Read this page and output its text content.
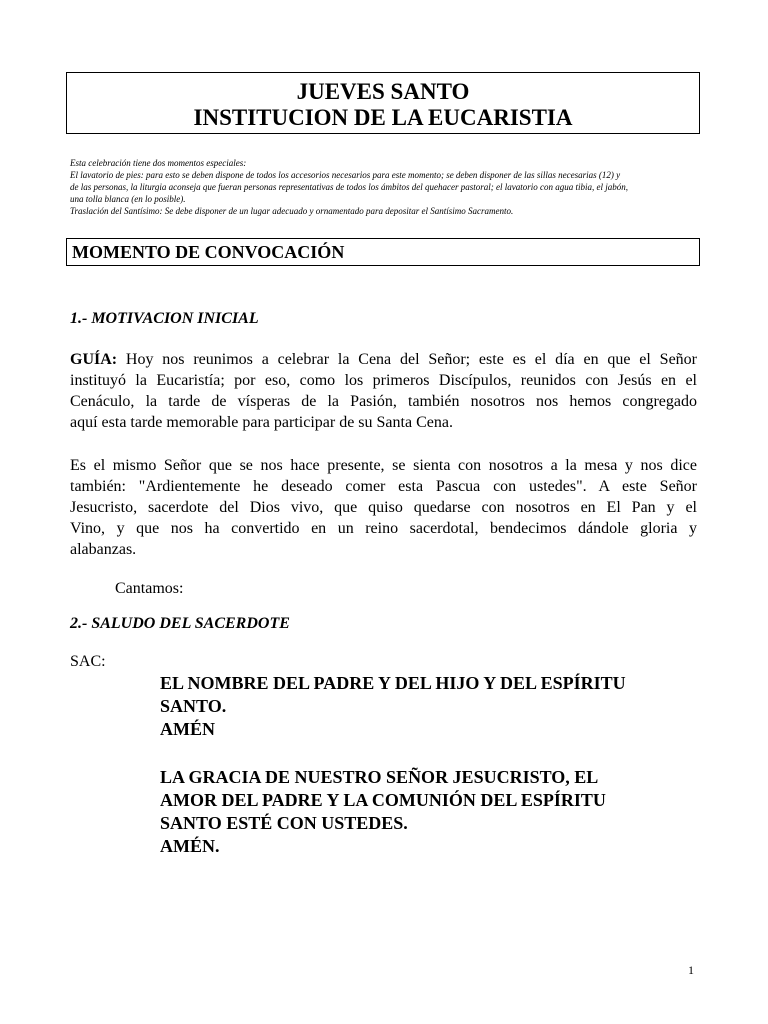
JUEVES SANTO
INSTITUCION DE LA EUCARISTIA
Esta celebración tiene dos momentos especiales:
El lavatorio de pies: para esto se deben dispone de todos los accesorios necesarios para este momento; se deben disponer de las sillas necesarias (12) y
de las personas, la liturgia aconseja que fueran personas representativas de todos los ámbitos del quehacer pastoral; el lavatorio con agua tibia, el jabón,
una tolla blanca (en lo posible).
Traslación del Santísimo: Se debe disponer de un lugar adecuado y ornamentado para depositar el Santísimo Sacramento.
MOMENTO DE CONVOCACIÓN
1.- MOTIVACION INICIAL
GUÍA: Hoy nos reunimos a celebrar la Cena del Señor; este es el día en que el Señor
instituyó la Eucaristía; por eso, como los primeros Discípulos, reunidos con Jesús en el
Cenáculo, la tarde de vísperas de la Pasión, también nosotros nos hemos congregado
aquí esta tarde memorable para participar de su Santa Cena.
Es el mismo Señor que se nos hace presente, se sienta con nosotros a la mesa y nos dice
también: "Ardientemente he deseado comer esta Pascua con ustedes". A este Señor
Jesucristo, sacerdote del Dios vivo, que quiso quedarse con nosotros en El Pan y el
Vino, y que nos ha convertido en un reino sacerdotal, bendecimos dándole gloria y
alabanzas.
Cantamos:
2.- SALUDO DEL SACERDOTE
SAC:
EL NOMBRE DEL PADRE Y DEL HIJO Y DEL ESPÍRITU
SANTO.
AMÉN
LA GRACIA DE NUESTRO SEÑOR JESUCRISTO, EL
AMOR DEL PADRE Y LA COMUNIÓN DEL ESPÍRITU
SANTO ESTÉ CON USTEDES.
AMÉN.
1
